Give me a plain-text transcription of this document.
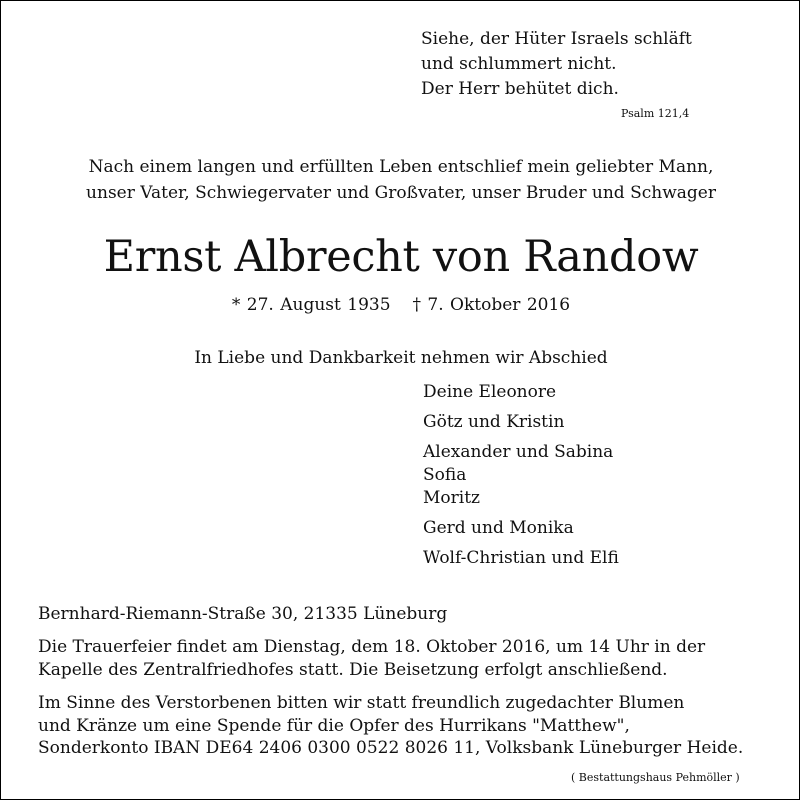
Siehe, der Hüter Israels schläft
und schlummert nicht.
Der Herr behütet dich.
Psalm 121,4
Nach einem langen und erfüllten Leben entschlief mein geliebter Mann,
unser Vater, Schwiegervater und Großvater, unser Bruder und Schwager
Ernst Albrecht von Randow
* 27. August 1935 † 7. Oktober 2016
In Liebe und Dankbarkeit nehmen wir Abschied
Deine Eleonore
Götz und Kristin
Alexander und Sabina
Sofia
Moritz
Gerd und Monika
Wolf-Christian und Elfi
Bernhard-Riemann-Straße 30, 21335 Lüneburg
Die Trauerfeier findet am Dienstag, dem 18. Oktober 2016, um 14 Uhr in der
Kapelle des Zentralfriedhofes statt. Die Beisetzung erfolgt anschließend.
Im Sinne des Verstorbenen bitten wir statt freundlich zugedachter Blumen
und Kränze um eine Spende für die Opfer des Hurrikans "Matthew",
Sonderkonto IBAN DE64 2406 0300 0522 8026 11, Volksbank Lüneburger Heide.
( Bestattungshaus Pehmöller )
